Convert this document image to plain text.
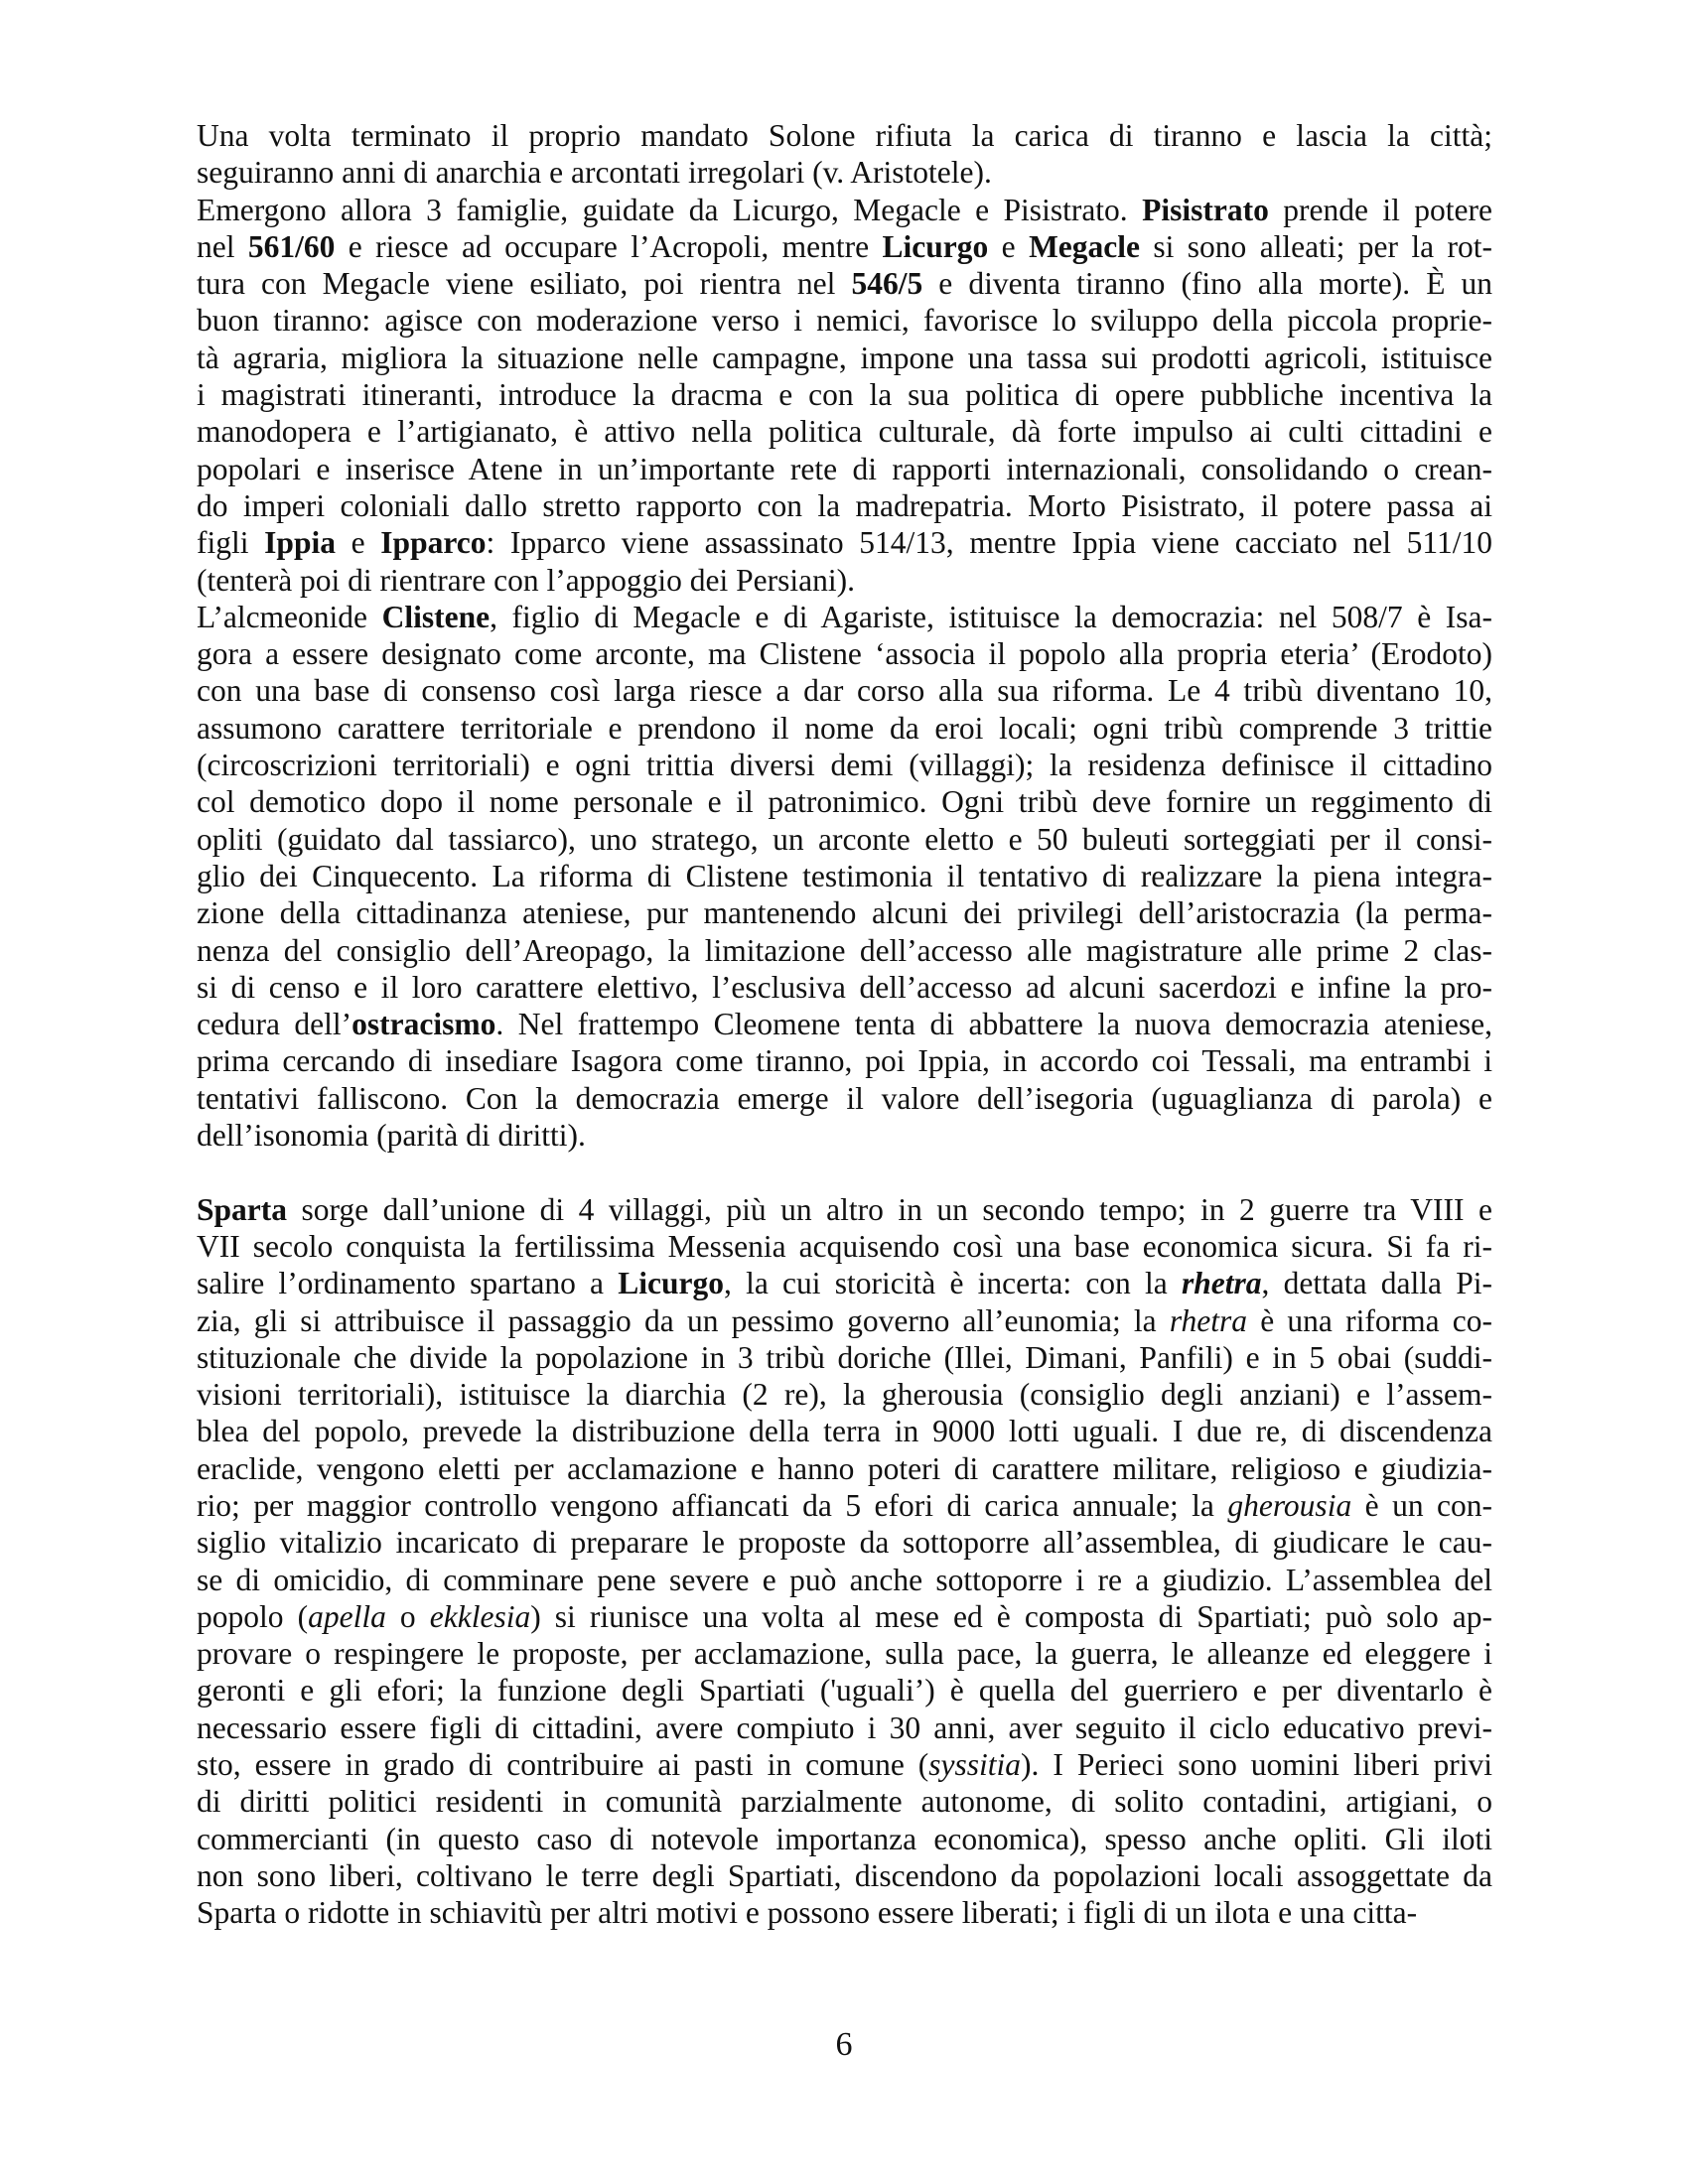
Una volta terminato il proprio mandato Solone rifiuta la carica di tiranno e lascia la città;
seguiranno anni di anarchia e arcontati irregolari (v. Aristotele).
Emergono allora 3 famiglie, guidate da Licurgo, Megacle e Pisistrato. Pisistrato prende il potere
nel 561/60 e riesce ad occupare l’Acropoli, mentre Licurgo e Megacle si sono alleati; per la rot-
tura con Megacle viene esiliato, poi rientra nel 546/5 e diventa tiranno (fino alla morte). È un
buon tiranno: agisce con moderazione verso i nemici, favorisce lo sviluppo della piccola proprie-
tà agraria, migliora la situazione nelle campagne, impone una tassa sui prodotti agricoli, istituisce
i magistrati itineranti, introduce la dracma e con la sua politica di opere pubbliche incentiva la
manodopera e l’artigianato, è attivo nella politica culturale, dà forte impulso ai culti cittadini e
popolari e inserisce Atene in un’importante rete di rapporti internazionali, consolidando o crean-
do imperi coloniali dallo stretto rapporto con la madrepatria. Morto Pisistrato, il potere passa ai
figli Ippia e Ipparco: Ipparco viene assassinato 514/13, mentre Ippia viene cacciato nel 511/10
(tenterà poi di rientrare con l’appoggio dei Persiani).
L’alcmeonide Clistene, figlio di Megacle e di Agariste, istituisce la democrazia: nel 508/7 è Isa-
gora a essere designato come arconte, ma Clistene ‘associa il popolo alla propria eteria’ (Erodoto)
con una base di consenso così larga riesce a dar corso alla sua riforma. Le 4 tribù diventano 10,
assumono carattere territoriale e prendono il nome da eroi locali; ogni tribù comprende 3 trittie
(circoscrizioni territoriali) e ogni trittia diversi demi (villaggi); la residenza definisce il cittadino
col demotico dopo il nome personale e il patronimico. Ogni tribù deve fornire un reggimento di
opliti (guidato dal tassiarco), uno stratego, un arconte eletto e 50 buleuti sorteggiati per il consi-
glio dei Cinquecento. La riforma di Clistene testimonia il tentativo di realizzare la piena integra-
zione della cittadinanza ateniese, pur mantenendo alcuni dei privilegi dell’aristocrazia (la perma-
nenza del consiglio dell’Areopago, la limitazione dell’accesso alle magistrature alle prime 2 clas-
si di censo e il loro carattere elettivo, l’esclusiva dell’accesso ad alcuni sacerdozi e infine la pro-
cedura dell’ostracismo. Nel frattempo Cleomene tenta di abbattere la nuova democrazia ateniese,
prima cercando di insediare Isagora come tiranno, poi Ippia, in accordo coi Tessali, ma entrambi i
tentativi falliscono. Con la democrazia emerge il valore dell’isegoria (uguaglianza di parola) e
dell’isonomia (parità di diritti).
Sparta sorge dall’unione di 4 villaggi, più un altro in un secondo tempo; in 2 guerre tra VIII e
VII secolo conquista la fertilissima Messenia acquisendo così una base economica sicura. Si fa ri-
salire l’ordinamento spartano a Licurgo, la cui storicità è incerta: con la rhetra, dettata dalla Pi-
zia, gli si attribuisce il passaggio da un pessimo governo all’eunomia; la rhetra è una riforma co-
stituzionale che divide la popolazione in 3 tribù doriche (Illei, Dimani, Panfili) e in 5 obai (suddi-
visioni territoriali), istituisce la diarchia (2 re), la gherousia (consiglio degli anziani) e l’assem-
blea del popolo, prevede la distribuzione della terra in 9000 lotti uguali. I due re, di discendenza
eraclide, vengono eletti per acclamazione e hanno poteri di carattere militare, religioso e giudizia-
rio; per maggior controllo vengono affiancati da 5 efori di carica annuale; la gherousia è un con-
siglio vitalizio incaricato di preparare le proposte da sottoporre all’assemblea, di giudicare le cau-
se di omicidio, di comminare pene severe e può anche sottoporre i re a giudizio. L’assemblea del
popolo (apella o ekklesia) si riunisce una volta al mese ed è composta di Spartiati; può solo ap-
provare o respingere le proposte, per acclamazione, sulla pace, la guerra, le alleanze ed eleggere i
geronti e gli efori; la funzione degli Spartiati ('uguali’) è quella del guerriero e per diventarlo è
necessario essere figli di cittadini, avere compiuto i 30 anni, aver seguito il ciclo educativo previ-
sto, essere in grado di contribuire ai pasti in comune (syssitia). I Perieci sono uomini liberi privi
di diritti politici residenti in comunità parzialmente autonome, di solito contadini, artigiani, o
commercianti (in questo caso di notevole importanza economica), spesso anche opliti. Gli iloti
non sono liberi, coltivano le terre degli Spartiati, discendono da popolazioni locali assoggettate da
Sparta o ridotte in schiavitù per altri motivi e possono essere liberati; i figli di un ilota e una citta-
6
